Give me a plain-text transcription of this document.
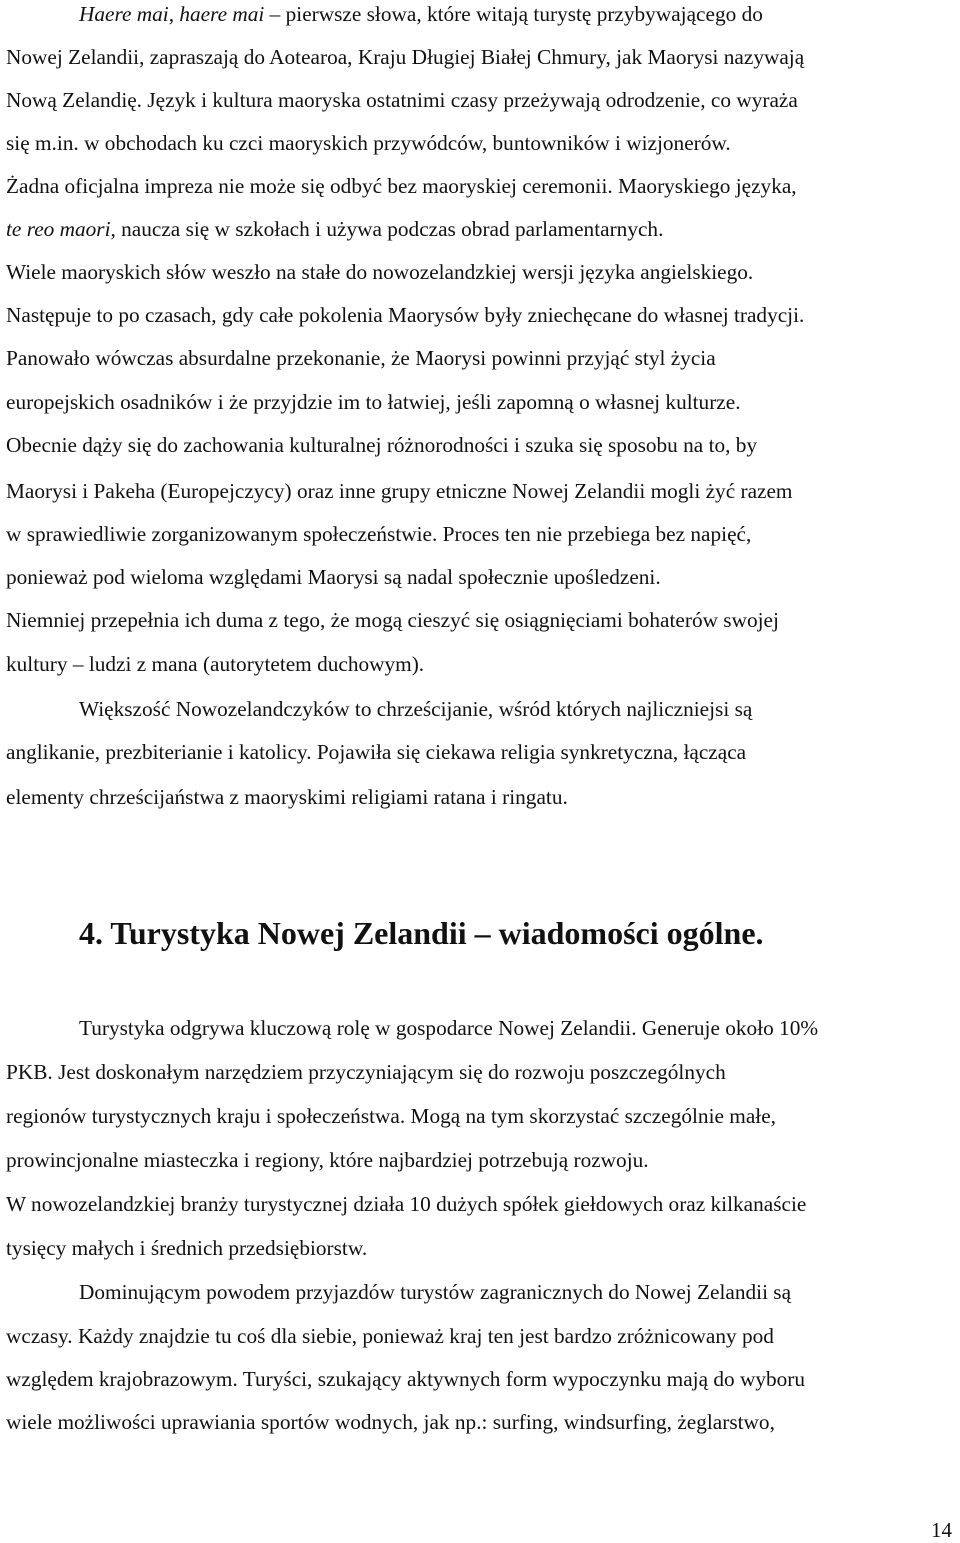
Haere mai, haere mai – pierwsze słowa, które witają turystę przybywającego do
Nowej Zelandii, zapraszają do Aotearoa, Kraju Długiej Białej Chmury, jak Maorysi nazywają
Nową Zelandię. Język i kultura maoryska ostatnimi czasy przeżywają odrodzenie, co wyraża
się m.in. w obchodach ku czci maoryskich przywódców, buntowników i wizjonerów.
Żadna oficjalna impreza nie może się odbyć bez maoryskiej ceremonii. Maoryskiego języka,
te reo maori, naucza się w szkołach i używa podczas obrad parlamentarnych.
Wiele maoryskich słów weszło na stałe do nowozelandzkiej wersji języka angielskiego.
Następuje to po czasach, gdy całe pokolenia Maorysów były zniechęcane do własnej tradycji.
Panowało wówczas absurdalne przekonanie, że Maorysi powinni przyjąć styl życia
europejskich osadników i że przyjdzie im to łatwiej, jeśli zapomną o własnej kulturze.
Obecnie dąży się do zachowania kulturalnej różnorodności i szuka się sposobu na to, by
Maorysi i Pakeha (Europejczycy) oraz inne grupy etniczne Nowej Zelandii mogli żyć razem
w sprawiedliwie zorganizowanym społeczeństwie. Proces ten nie przebiega bez napięć,
ponieważ pod wieloma względami Maorysi są nadal społecznie upośledzeni.
Niemniej przepełnia ich duma z tego, że mogą cieszyć się osiągnięciami bohaterów swojej
kultury – ludzi z mana (autorytetem duchowym).
Większość Nowozelandczyków to chrześcijanie, wśród których najliczniejsi są
anglikanie, prezbiterianie i katolicy. Pojawiła się ciekawa religia synkretyczna, łącząca
elementy chrześcijaństwa z maoryskimi religiami ratana i ringatu.
4. Turystyka Nowej Zelandii – wiadomości ogólne.
Turystyka odgrywa kluczową rolę w gospodarce Nowej Zelandii. Generuje około 10%
PKB. Jest doskonałym narzędziem przyczyniającym się do rozwoju poszczególnych
regionów turystycznych kraju i społeczeństwa. Mogą na tym skorzystać szczególnie małe,
prowincjonalne miasteczka i regiony, które najbardziej potrzebują rozwoju.
W nowozelandzkiej branży turystycznej działa 10 dużych spółek giełdowych oraz kilkanaście
tysięcy małych i średnich przedsiębiorstw.
Dominującym powodem przyjazdów turystów zagranicznych do Nowej Zelandii są
wczasy. Każdy znajdzie tu coś dla siebie, ponieważ kraj ten jest bardzo zróżnicowany pod
względem krajobrazowym. Turyści, szukający aktywnych form wypoczynku mają do wyboru
wiele możliwości uprawiania sportów wodnych, jak np.: surfing, windsurfing, żeglarstwo,
14
